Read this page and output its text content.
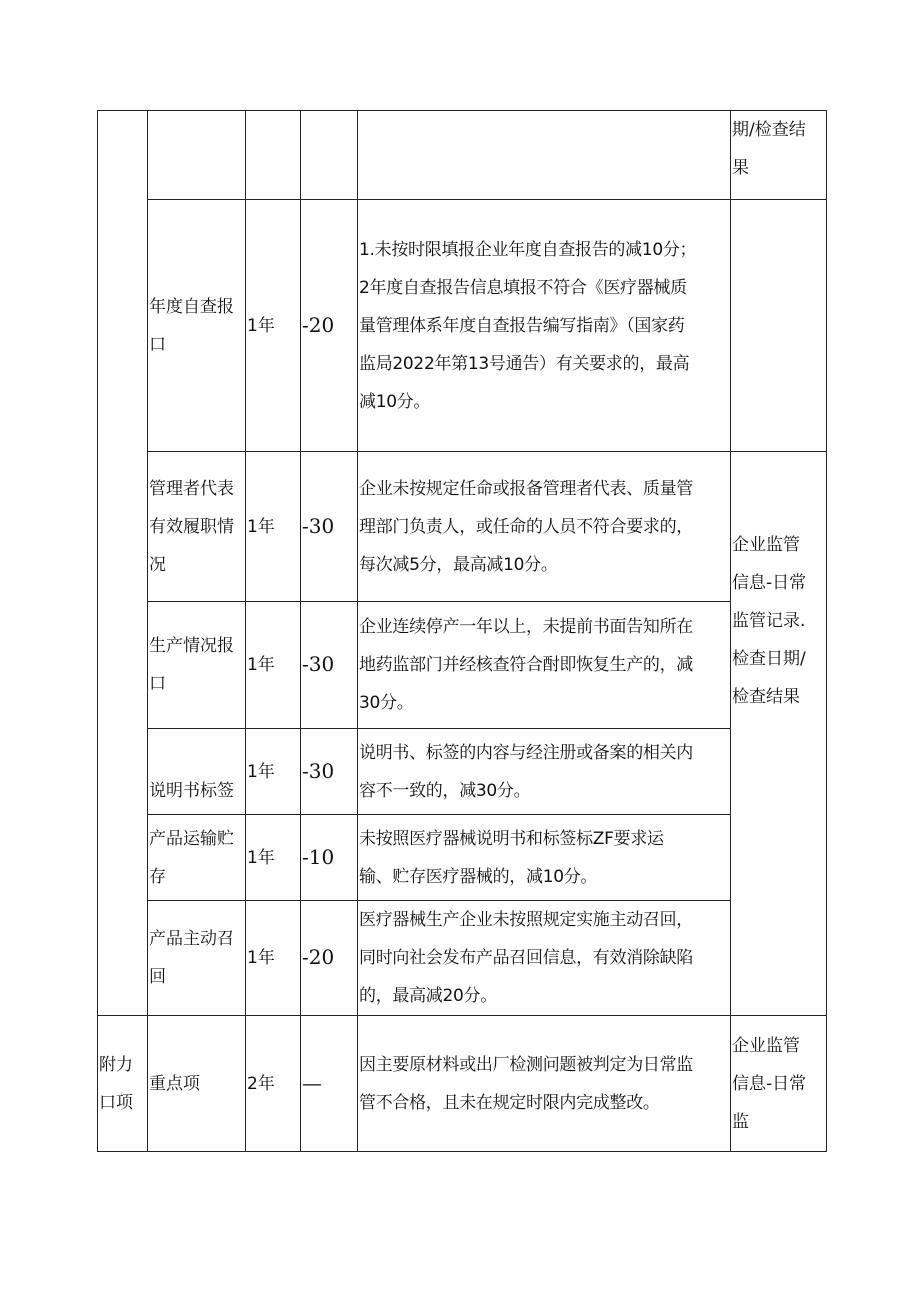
					期/检查结
果

	年度自查报
口	1年	-20	1.未按时限填报企业年度自查报告的减10分；
2年度自查报告信息填报不符合《医疗器械质
量管理体系年度自查报告编写指南》（国家药
监局2022年第13号通告）有关要求的，最高
减10分。	

	管理者代表
有效履职情
况	1年	-30	企业未按规定任命或报备管理者代表、质量管
理部门负责人，或任命的人员不符合要求的，
每次减5分，最高减10分。	企业监管
信息-日常
监管记录.
检查日期/
检查结果

	生产情况报
口	1年	-30	企业连续停产一年以上，未提前书面告知所在
地药监部门并经核查符合酎即恢复生产的，减
30分。	

	说明书标签	1年	-30	说明书、标签的内容与经注册或备案的相关内
容不一致的，减30分。	

	产品运输贮
存	1年	-10	未按照医疗器械说明书和标签标ZF要求运
输、贮存医疗器械的，减10分。	

	产品主动召
回	1年	-20	医疗器械生产企业未按照规定实施主动召回，
同时向社会发布产品召回信息，有效消除缺陷
的，最高减20分。	

附力
口项	重点项	2年	—	因主要原材料或出厂检测问题被判定为日常监
管不合格，且未在规定时限内完成整改。	企业监管
信息-日常
监
